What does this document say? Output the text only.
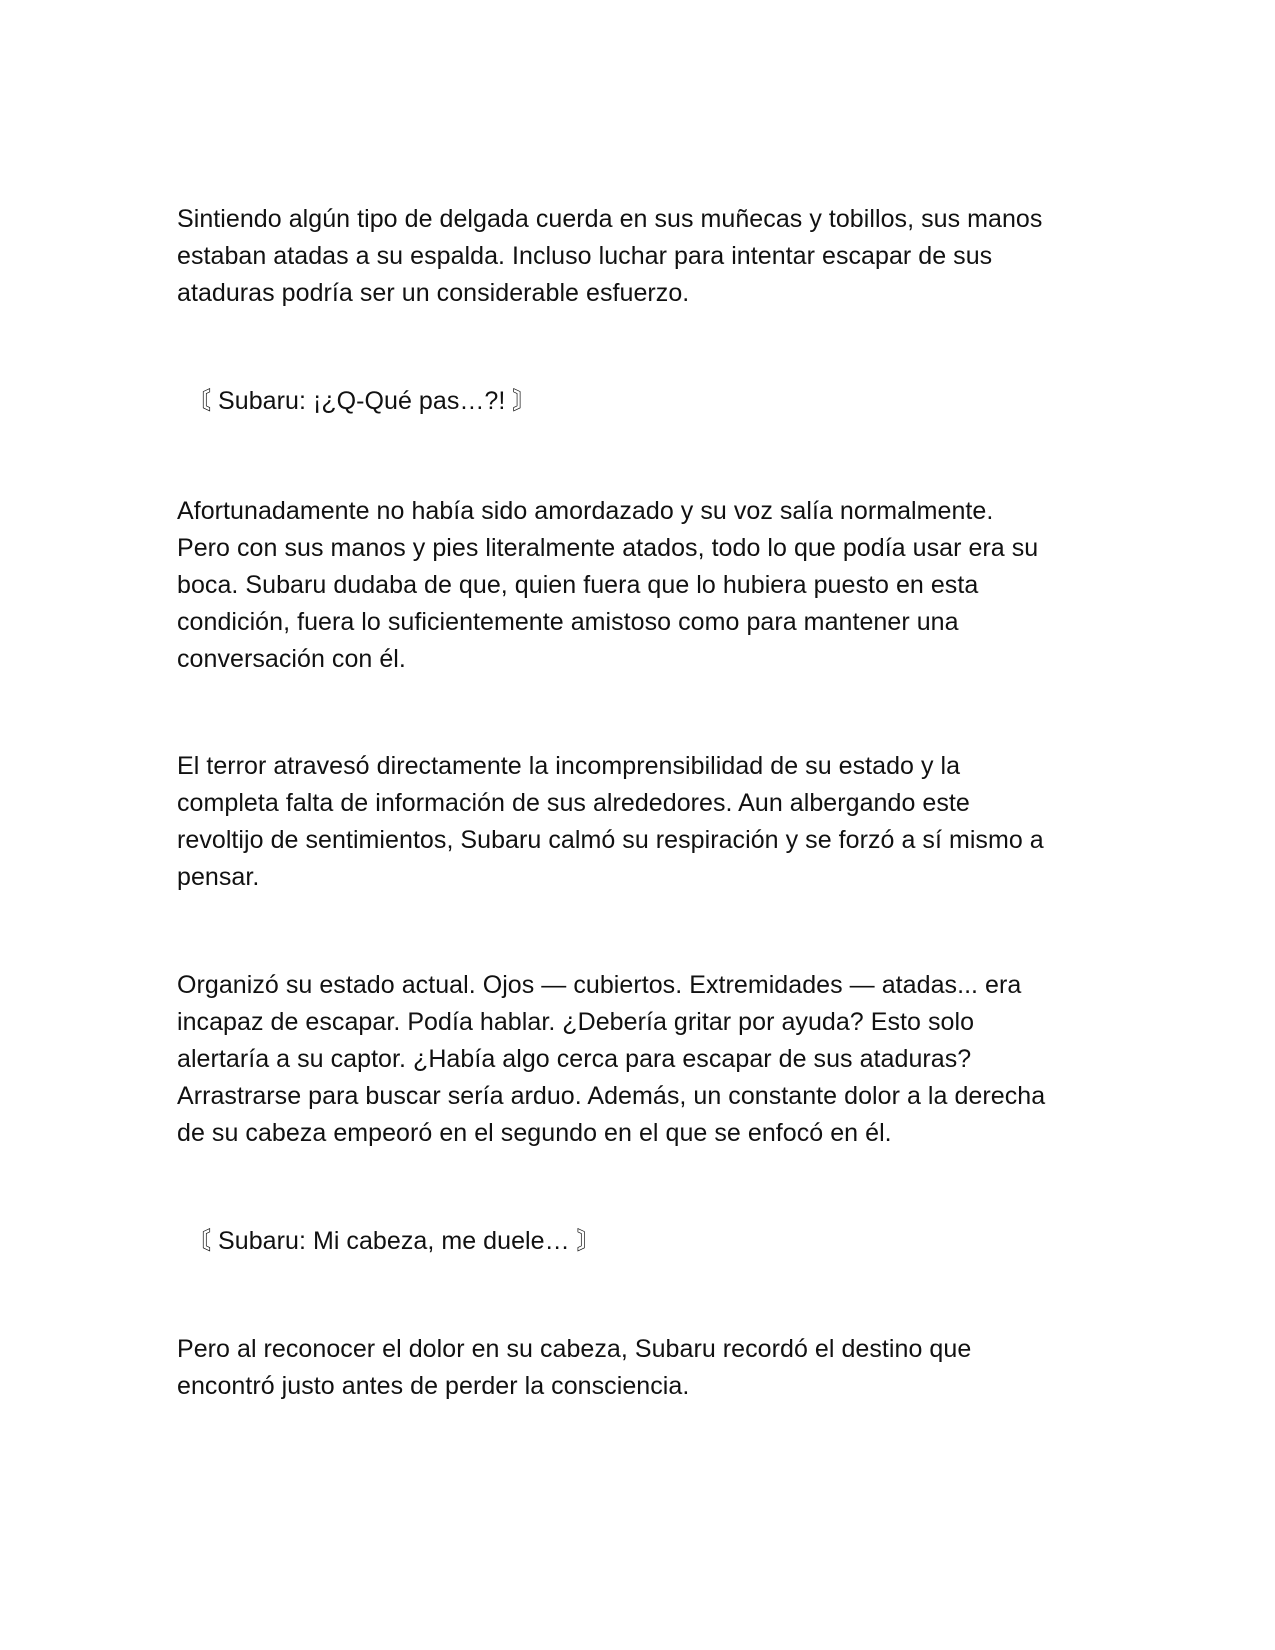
Sintiendo algún tipo de delgada cuerda en sus muñecas y tobillos, sus manos
estaban atadas a su espalda. Incluso luchar para intentar escapar de sus
ataduras podría ser un considerable esfuerzo.
〘 Subaru: ¡¿Q-Qué pas…?! 〙
Afortunadamente no había sido amordazado y su voz salía normalmente.
Pero con sus manos y pies literalmente atados, todo lo que podía usar era su
boca. Subaru dudaba de que, quien fuera que lo hubiera puesto en esta
condición, fuera lo suficientemente amistoso como para mantener una
conversación con él.
El terror atravesó directamente la incomprensibilidad de su estado y la
completa falta de información de sus alrededores. Aun albergando este
revoltijo de sentimientos, Subaru calmó su respiración y se forzó a sí mismo a
pensar.
Organizó su estado actual. Ojos — cubiertos. Extremidades — atadas... era
incapaz de escapar. Podía hablar. ¿Debería gritar por ayuda? Esto solo
alertaría a su captor. ¿Había algo cerca para escapar de sus ataduras?
Arrastrarse para buscar sería arduo. Además, un constante dolor a la derecha
de su cabeza empeoró en el segundo en el que se enfocó en él.
〘 Subaru: Mi cabeza, me duele… 〙
Pero al reconocer el dolor en su cabeza, Subaru recordó el destino que
encontró justo antes de perder la consciencia.
